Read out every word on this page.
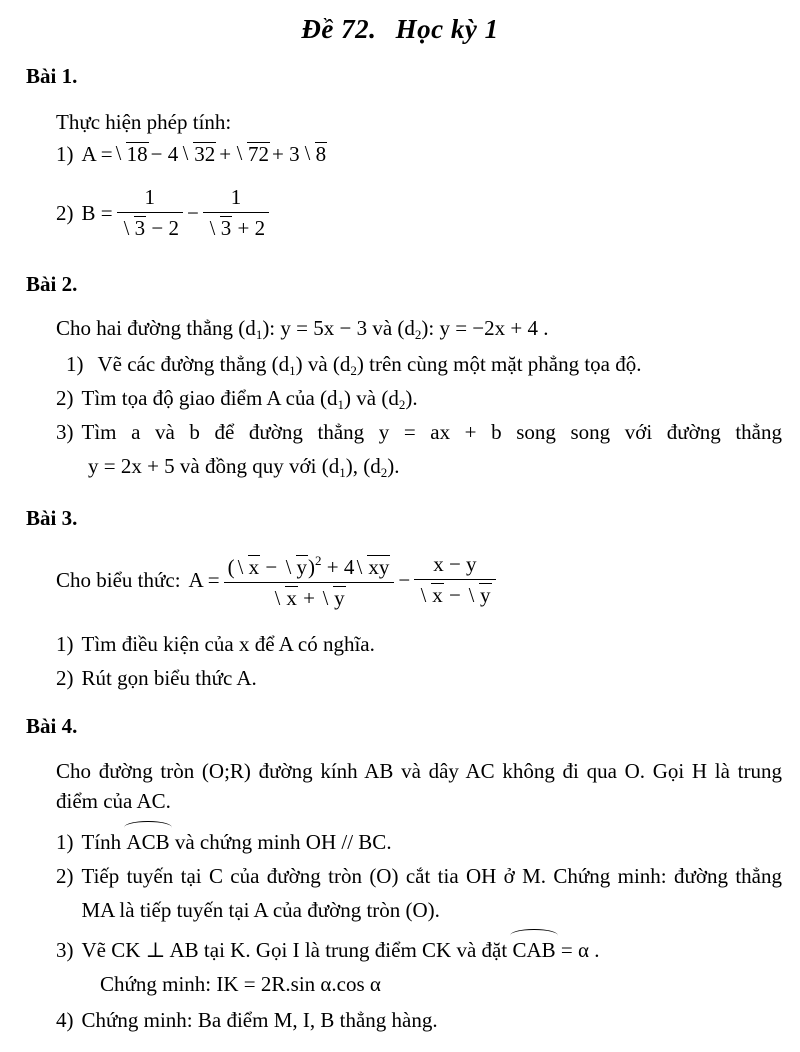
Đề 72. Học kỳ 1
Bài 1.
Thực hiện phép tính:
1) A = 18 − 4 32 + 72 + 3 8
2) $B = \frac{1}{3 - 2} - \frac{1}{3 + 2}$
Bài 2.
Cho hai đường thẳng $(d_1)$: y = 5x − 3 và $(d_2)$: y = −2x + 4 .
1) Vẽ các đường thẳng $(d_1)$ và $(d_2)$ trên cùng một mặt phẳng tọa độ.
2) Tìm tọa độ giao điểm A của $(d_1)$ và $(d_2)$.
3) Tìm a và b để đường thẳng y = ax + b song song với đường thẳng
y = 2x + 5 và đồng quy với $(d_1)$, $(d_2)$.
Bài 3.
Cho biểu thức: $A = \frac{( x - y)^2 + 4 xy}{x + y} - \frac{x - y}{x - y}$
1) Tìm điều kiện của x để A có nghĩa.
2) Rút gọn biểu thức A.
Bài 4.
Cho đường tròn (O;R) đường kính AB và dây AC không đi qua O. Gọi H là trung điểm của AC.
1) Tính ACB và chứng minh OH // BC.
2) Tiếp tuyến tại C của đường tròn (O) cắt tia OH ở M. Chứng minh: đường thẳng MA là tiếp tuyến tại A của đường tròn (O).
3) Vẽ CK ⊥ AB tại K. Gọi I là trung điểm CK và đặt CAB = α .
Chứng minh: IK = 2R.sin α.cos α
4) Chứng minh: Ba điểm M, I, B thẳng hàng.
